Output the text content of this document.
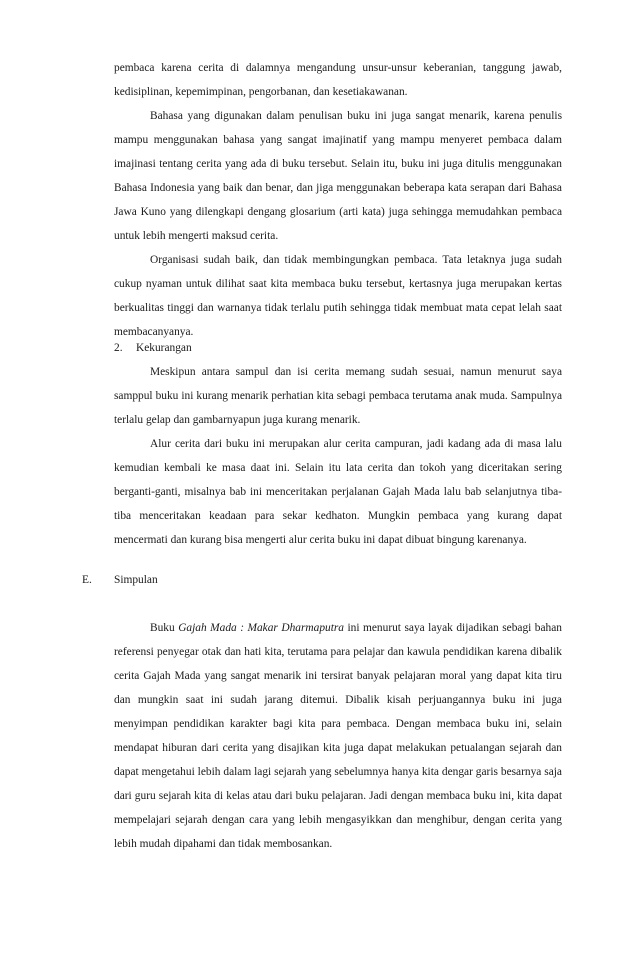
pembaca karena cerita di dalamnya mengandung unsur-unsur keberanian, tanggung jawab, kedisiplinan, kepemimpinan, pengorbanan, dan kesetiakawanan.

Bahasa yang digunakan dalam penulisan buku ini juga sangat menarik, karena penulis mampu menggunakan bahasa yang sangat imajinatif yang mampu menyeret pembaca dalam imajinasi tentang cerita yang ada di buku tersebut. Selain itu, buku ini juga ditulis menggunakan Bahasa Indonesia yang baik dan benar, dan jiga menggunakan beberapa kata serapan dari Bahasa Jawa Kuno yang dilengkapi dengang glosarium (arti kata) juga sehingga memudahkan pembaca untuk lebih mengerti maksud cerita.

Organisasi sudah baik, dan tidak membingungkan pembaca. Tata letaknya juga sudah cukup nyaman untuk dilihat saat kita membaca buku tersebut, kertasnya juga merupakan kertas berkualitas tinggi dan warnanya tidak terlalu putih sehingga tidak membuat mata cepat lelah saat membacanyanya.

2. Kekurangan

Meskipun antara sampul dan isi cerita memang sudah sesuai, namun menurut saya samppul buku ini kurang menarik perhatian kita sebagi pembaca terutama anak muda. Sampulnya terlalu gelap dan gambarnyapun juga kurang menarik.

Alur cerita dari buku ini merupakan alur cerita campuran, jadi kadang ada di masa lalu kemudian kembali ke masa daat ini. Selain itu lata cerita dan tokoh yang diceritakan sering berganti-ganti, misalnya bab ini menceritakan perjalanan Gajah Mada lalu bab selanjutnya tiba-tiba menceritakan keadaan para sekar kedhaton. Mungkin pembaca yang kurang dapat mencermati dan kurang bisa mengerti alur cerita buku ini dapat dibuat bingung karenanya.

E. Simpulan

Buku Gajah Mada : Makar Dharmaputra ini menurut saya layak dijadikan sebagi bahan referensi penyegar otak dan hati kita, terutama para pelajar dan kawula pendidikan karena dibalik cerita Gajah Mada yang sangat menarik ini tersirat banyak pelajaran moral yang dapat kita tiru dan mungkin saat ini sudah jarang ditemui. Dibalik kisah perjuangannya buku ini juga menyimpan pendidikan karakter bagi kita para pembaca. Dengan membaca buku ini, selain mendapat hiburan dari cerita yang disajikan kita juga dapat melakukan petualangan sejarah dan dapat mengetahui lebih dalam lagi sejarah yang sebelumnya hanya kita dengar garis besarnya saja dari guru sejarah kita di kelas atau dari buku pelajaran. Jadi dengan membaca buku ini, kita dapat mempelajari sejarah dengan cara yang lebih mengasyikkan dan menghibur, dengan cerita yang lebih mudah dipahami dan tidak membosankan.
